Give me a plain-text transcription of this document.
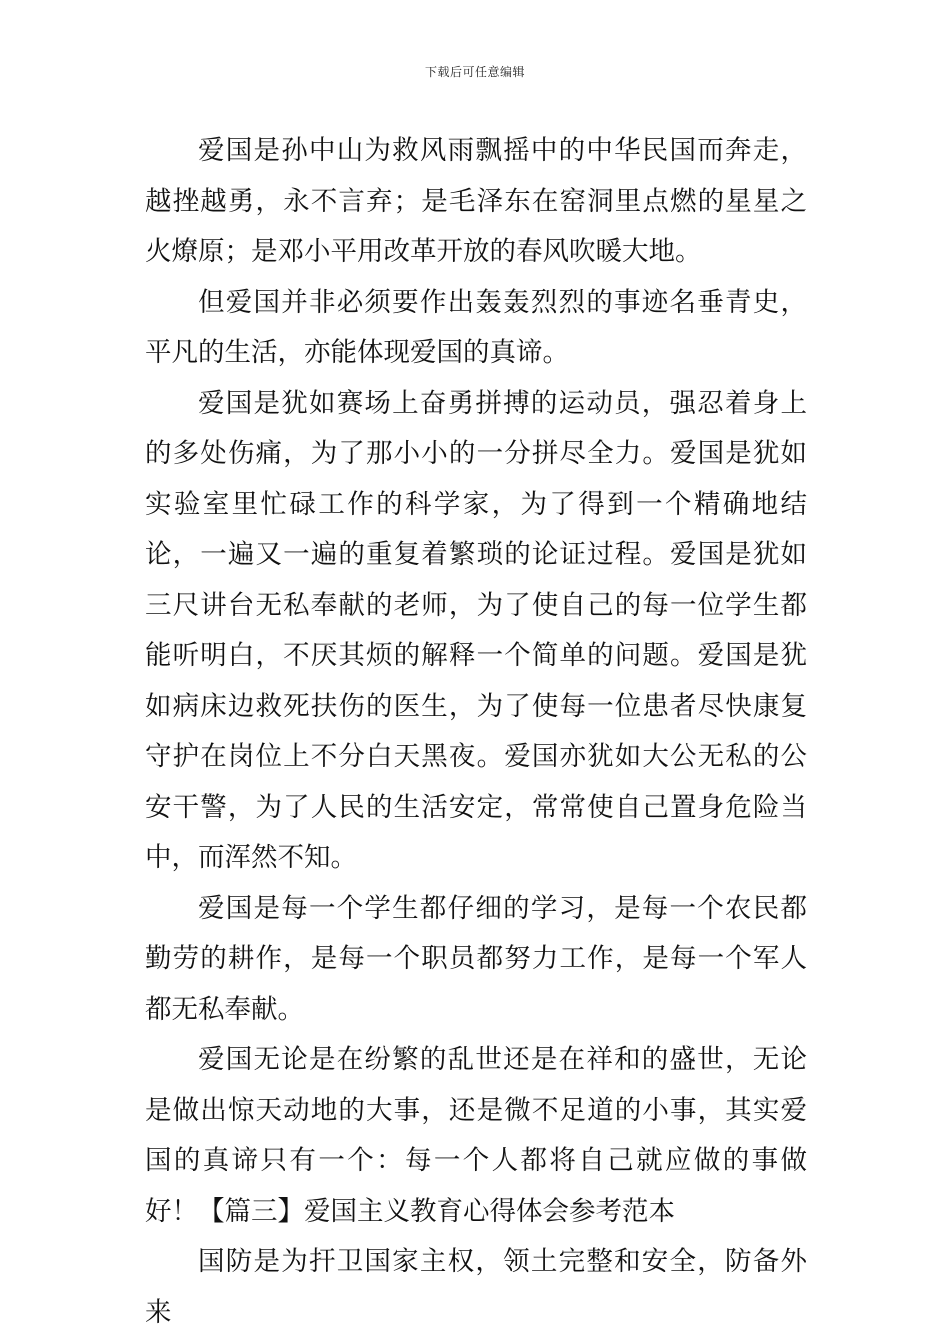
下载后可任意编辑

爱国是孙中山为救风雨飘摇中的中华民国而奔走，越挫越勇，永不言弃；是毛泽东在窑洞里点燃的星星之火燎原；是邓小平用改革开放的春风吹暖大地。

但爱国并非必须要作出轰轰烈烈的事迹名垂青史，平凡的生活，亦能体现爱国的真谛。

爱国是犹如赛场上奋勇拼搏的运动员，强忍着身上的多处伤痛，为了那小小的一分拼尽全力。爱国是犹如实验室里忙碌工作的科学家，为了得到一个精确地结论，一遍又一遍的重复着繁琐的论证过程。爱国是犹如三尺讲台无私奉献的老师，为了使自己的每一位学生都能听明白，不厌其烦的解释一个简单的问题。爱国是犹如病床边救死扶伤的医生，为了使每一位患者尽快康复守护在岗位上不分白天黑夜。爱国亦犹如大公无私的公安干警，为了人民的生活安定，常常使自己置身危险当中，而浑然不知。

爱国是每一个学生都仔细的学习，是每一个农民都勤劳的耕作，是每一个职员都努力工作，是每一个军人都无私奉献。

爱国无论是在纷繁的乱世还是在祥和的盛世，无论是做出惊天动地的大事，还是微不足道的小事，其实爱国的真谛只有一个：每一个人都将自己就应做的事做好！【篇三】爱国主义教育心得体会参考范本

国防是为扞卫国家主权，领土完整和安全，防备外来
